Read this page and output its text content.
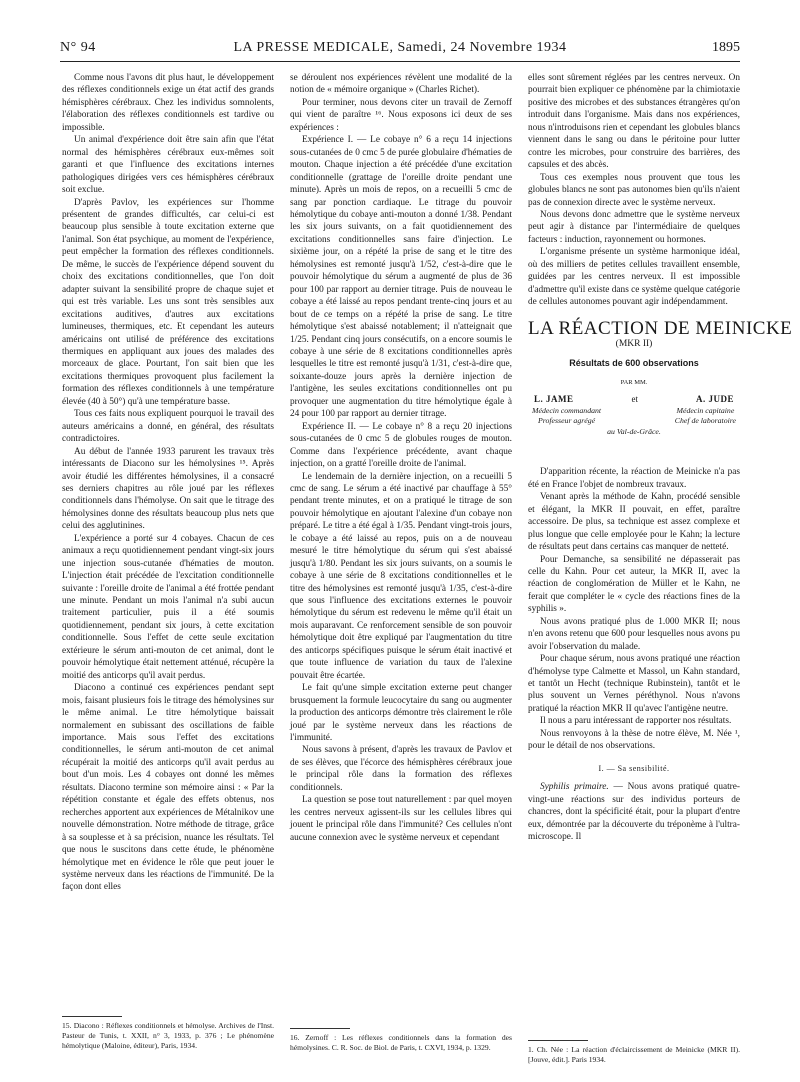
N° 94	LA PRESSE MEDICALE, Samedi, 24 Novembre 1934	1895

Comme nous l'avons dit plus haut, le développement des réflexes conditionnels exige un état actif des grands hémisphères cérébraux. Chez les individus somnolents, l'élaboration des réflexes conditionnels est tardive ou impossible.

Un animal d'expérience doit être sain afin que l'état normal des hémisphères cérébraux eux-mêmes soit garanti et que l'influence des excitations internes pathologiques dirigées vers ces hémisphères cérébraux soit exclue.

D'après Pavlov, les expériences sur l'homme présentent de grandes difficultés, car celui-ci est beaucoup plus sensible à toute excitation externe que l'animal. Son état psychique, au moment de l'expérience, peut empêcher la formation des réflexes conditionnels. De même, le succès de l'expérience dépend souvent du choix des excitations conditionnelles, que l'on doit adapter suivant la sensibilité propre de chaque sujet et qui est très variable. Les uns sont très sensibles aux excitations auditives, d'autres aux excitations lumineuses, thermiques, etc. Et cependant les auteurs américains ont utilisé de préférence des excitations thermiques en appliquant aux joues des malades des morceaux de glace. Pourtant, l'on sait bien que les excitations thermiques provoquent plus facilement la formation des réflexes conditionnels à une température élevée (40 à 50°) qu'à une température basse.

Tous ces faits nous expliquent pourquoi le travail des auteurs américains a donné, en général, des résultats contradictoires.

Au début de l'année 1933 parurent les travaux très intéressants de Diacono sur les hémolysines ¹⁵. Après avoir étudié les différentes hémolysines, il a consacré ses derniers chapitres au rôle joué par les réflexes conditionnels dans l'hémolyse. On sait que le titrage des hémolysines donne des résultats beaucoup plus nets que celui des agglutinines.

L'expérience a porté sur 4 cobayes. Chacun de ces animaux a reçu quotidiennement pendant vingt-six jours une injection sous-cutanée d'hématies de mouton. L'injection était précédée de l'excitation conditionnelle suivante : l'oreille droite de l'animal a été frottée pendant une minute. Pendant un mois l'animal n'a subi aucun traitement particulier, puis il a été soumis quotidiennement, pendant six jours, à cette excitation conditionnelle. Sous l'effet de cette seule excitation extérieure le sérum anti-mouton de cet animal, dont le pouvoir hémolytique était nettement atténué, récupère la moitié des anticorps qu'il avait perdus.

Diacono a continué ces expériences pendant sept mois, faisant plusieurs fois le titrage des hémolysines sur le même animal. Le titre hémolytique baissait normalement en subissant des oscillations de faible importance. Mais sous l'effet des excitations conditionnelles, le sérum anti-mouton de cet animal récupérait la moitié des anticorps qu'il avait perdus au bout d'un mois. Les 4 cobayes ont donné les mêmes résultats. Diacono termine son mémoire ainsi : « Par la répétition constante et égale des effets obtenus, nos recherches apportent aux expériences de Métalnikov une nouvelle démonstration. Notre méthode de titrage, grâce à sa souplesse et à sa précision, nuance les résultats. Tel que nous le suscitons dans cette étude, le phénomène hémolytique met en évidence le rôle que peut jouer le système nerveux dans les réactions de l'immunité. De la façon dont elles

15. Diacono : Réflexes conditionnels et hémolyse. Archives de l'Inst. Pasteur de Tunis, t. XXII, n° 3, 1933, p. 376 ; Le phénomène hémolytique (Maloine, éditeur), Paris, 1934.

se déroulent nos expériences révèlent une modalité de la notion de « mémoire organique » (Charles Richet).

Pour terminer, nous devons citer un travail de Zernoff qui vient de paraître ¹⁶. Nous exposons ici deux de ses expériences :

Expérience I. — Le cobaye n° 6 a reçu 14 injections sous-cutanées de 0 cmc 5 de purée globulaire d'hématies de mouton. Chaque injection a été précédée d'une excitation conditionnelle (grattage de l'oreille droite pendant une minute). Après un mois de repos, on a recueilli 5 cmc de sang par ponction cardiaque. Le titrage du pouvoir hémolytique du cobaye anti-mouton a donné 1/38. Pendant les six jours suivants, on a fait quotidiennement des excitations conditionnelles sans faire d'injection. Le sixième jour, on a répété la prise de sang et le titre des hémolysines est remonté jusqu'à 1/52, c'est-à-dire que le pouvoir hémolytique du sérum a augmenté de plus de 36 pour 100 par rapport au dernier titrage. Puis de nouveau le cobaye a été laissé au repos pendant trente-cinq jours et au bout de ce temps on a répété la prise de sang. Le titre hémolytique s'est abaissé notablement; il n'atteignait que 1/25. Pendant cinq jours consécutifs, on a encore soumis le cobaye à une série de 8 excitations conditionnelles après lesquelles le titre est remonté jusqu'à 1/31, c'est-à-dire que, soixante-douze jours après la dernière injection de l'antigène, les seules excitations conditionnelles ont pu provoquer une augmentation du titre hémolytique égale à 24 pour 100 par rapport au dernier titrage.

Expérience II. — Le cobaye n° 8 a reçu 20 injections sous-cutanées de 0 cmc 5 de globules rouges de mouton. Comme dans l'expérience précédente, avant chaque injection, on a gratté l'oreille droite de l'animal.

Le lendemain de la dernière injection, on a recueilli 5 cmc de sang. Le sérum a été inactivé par chauffage à 55° pendant trente minutes, et on a pratiqué le titrage de son pouvoir hémolytique en ajoutant l'alexine d'un cobaye non préparé. Le titre a été égal à 1/35. Pendant vingt-trois jours, le cobaye a été laissé au repos, puis on a de nouveau mesuré le titre hémolytique du sérum qui s'est abaissé jusqu'à 1/80. Pendant les six jours suivants, on a soumis le cobaye à une série de 8 excitations conditionnelles et le titre des hémolysines est remonté jusqu'à 1/35, c'est-à-dire que sous l'influence des excitations externes le pouvoir hémolytique du sérum est redevenu le même qu'il était un mois auparavant. Ce renforcement sensible de son pouvoir hémolytique doit être expliqué par l'augmentation du titre des anticorps spécifiques puisque le sérum était inactivé et que toute influence de variation du taux de l'alexine pouvait être écartée.

Le fait qu'une simple excitation externe peut changer brusquement la formule leucocytaire du sang ou augmenter la production des anticorps démontre très clairement le rôle joué par le système nerveux dans les réactions de l'immunité.

Nous savons à présent, d'après les travaux de Pavlov et de ses élèves, que l'écorce des hémisphères cérébraux joue le principal rôle dans la formation des réflexes conditionnels.

La question se pose tout naturellement : par quel moyen les centres nerveux agissent-ils sur les cellules libres qui jouent le principal rôle dans l'immunité? Ces cellules n'ont aucune connexion avec le système nerveux et cependant

16. Zernoff : Les réflexes conditionnels dans la formation des hémolysines. C. R. Soc. de Biol. de Paris, t. CXVI, 1934, p. 1329.

elles sont sûrement réglées par les centres nerveux. On pourrait bien expliquer ce phénomène par la chimiotaxie positive des microbes et des substances étrangères qu'on introduit dans l'organisme. Mais dans nos expériences, nous n'introduisons rien et cependant les globules blancs viennent dans le sang ou dans le péritoine pour lutter contre les microbes, pour construire des barrières, des capsules et des abcès.

Tous ces exemples nous prouvent que tous les globules blancs ne sont pas autonomes bien qu'ils n'aient pas de connexion directe avec le système nerveux.

Nous devons donc admettre que le système nerveux peut agir à distance par l'intermédiaire de quelques facteurs : induction, rayonnement ou hormones.

L'organisme présente un système harmonique idéal, où des milliers de petites cellules travaillent ensemble, guidées par les centres nerveux. Il est impossible d'admettre qu'il existe dans ce système quelque catégorie de cellules autonomes pouvant agir indépendamment.

LA RÉACTION DE MEINICKE
(MKR II)
Résultats de 600 observations
PAR MM.
L. JAME	et	A. JUDE
Médecin commandant
Professeur agrégé
Médecin capitaine
Chef de laboratoire
au Val-de-Grâce.

D'apparition récente, la réaction de Meinicke n'a pas été en France l'objet de nombreux travaux.

Venant après la méthode de Kahn, procédé sensible et élégant, la MKR II pouvait, en effet, paraître accessoire. De plus, sa technique est assez complexe et plus longue que celle employée pour le Kahn; la lecture de résultats peut dans certains cas manquer de netteté.

Pour Demanche, sa sensibilité ne dépasserait pas celle du Kahn. Pour cet auteur, la MKR II, avec la réaction de conglomération de Müller et le Kahn, ne ferait que compléter le « cycle des réactions fines de la syphilis ».

Nous avons pratiqué plus de 1.000 MKR II; nous n'en avons retenu que 600 pour lesquelles nous avons pu avoir l'observation du malade.

Pour chaque sérum, nous avons pratiqué une réaction d'hémolyse type Calmette et Massol, un Kahn standard, et tantôt un Hecht (technique Rubinstein), tantôt et le plus souvent un Vernes péréthynol. Nous n'avons pratiqué la réaction MKR II qu'avec l'antigène neutre.

Il nous a paru intéressant de rapporter nos résultats.

Nous renvoyons à la thèse de notre élève, M. Née ¹, pour le détail de nos observations.

I. — Sa sensibilité.

Syphilis primaire. — Nous avons pratiqué quatre-vingt-une réactions sur des individus porteurs de chancres, dont la spécificité était, pour la plupart d'entre eux, démontrée par la découverte du tréponème à l'ultra-microscope. Il

1. Ch. Née : La réaction d'éclaircissement de Meinicke (MKR II). [Jouve, édit.]. Paris 1934.
